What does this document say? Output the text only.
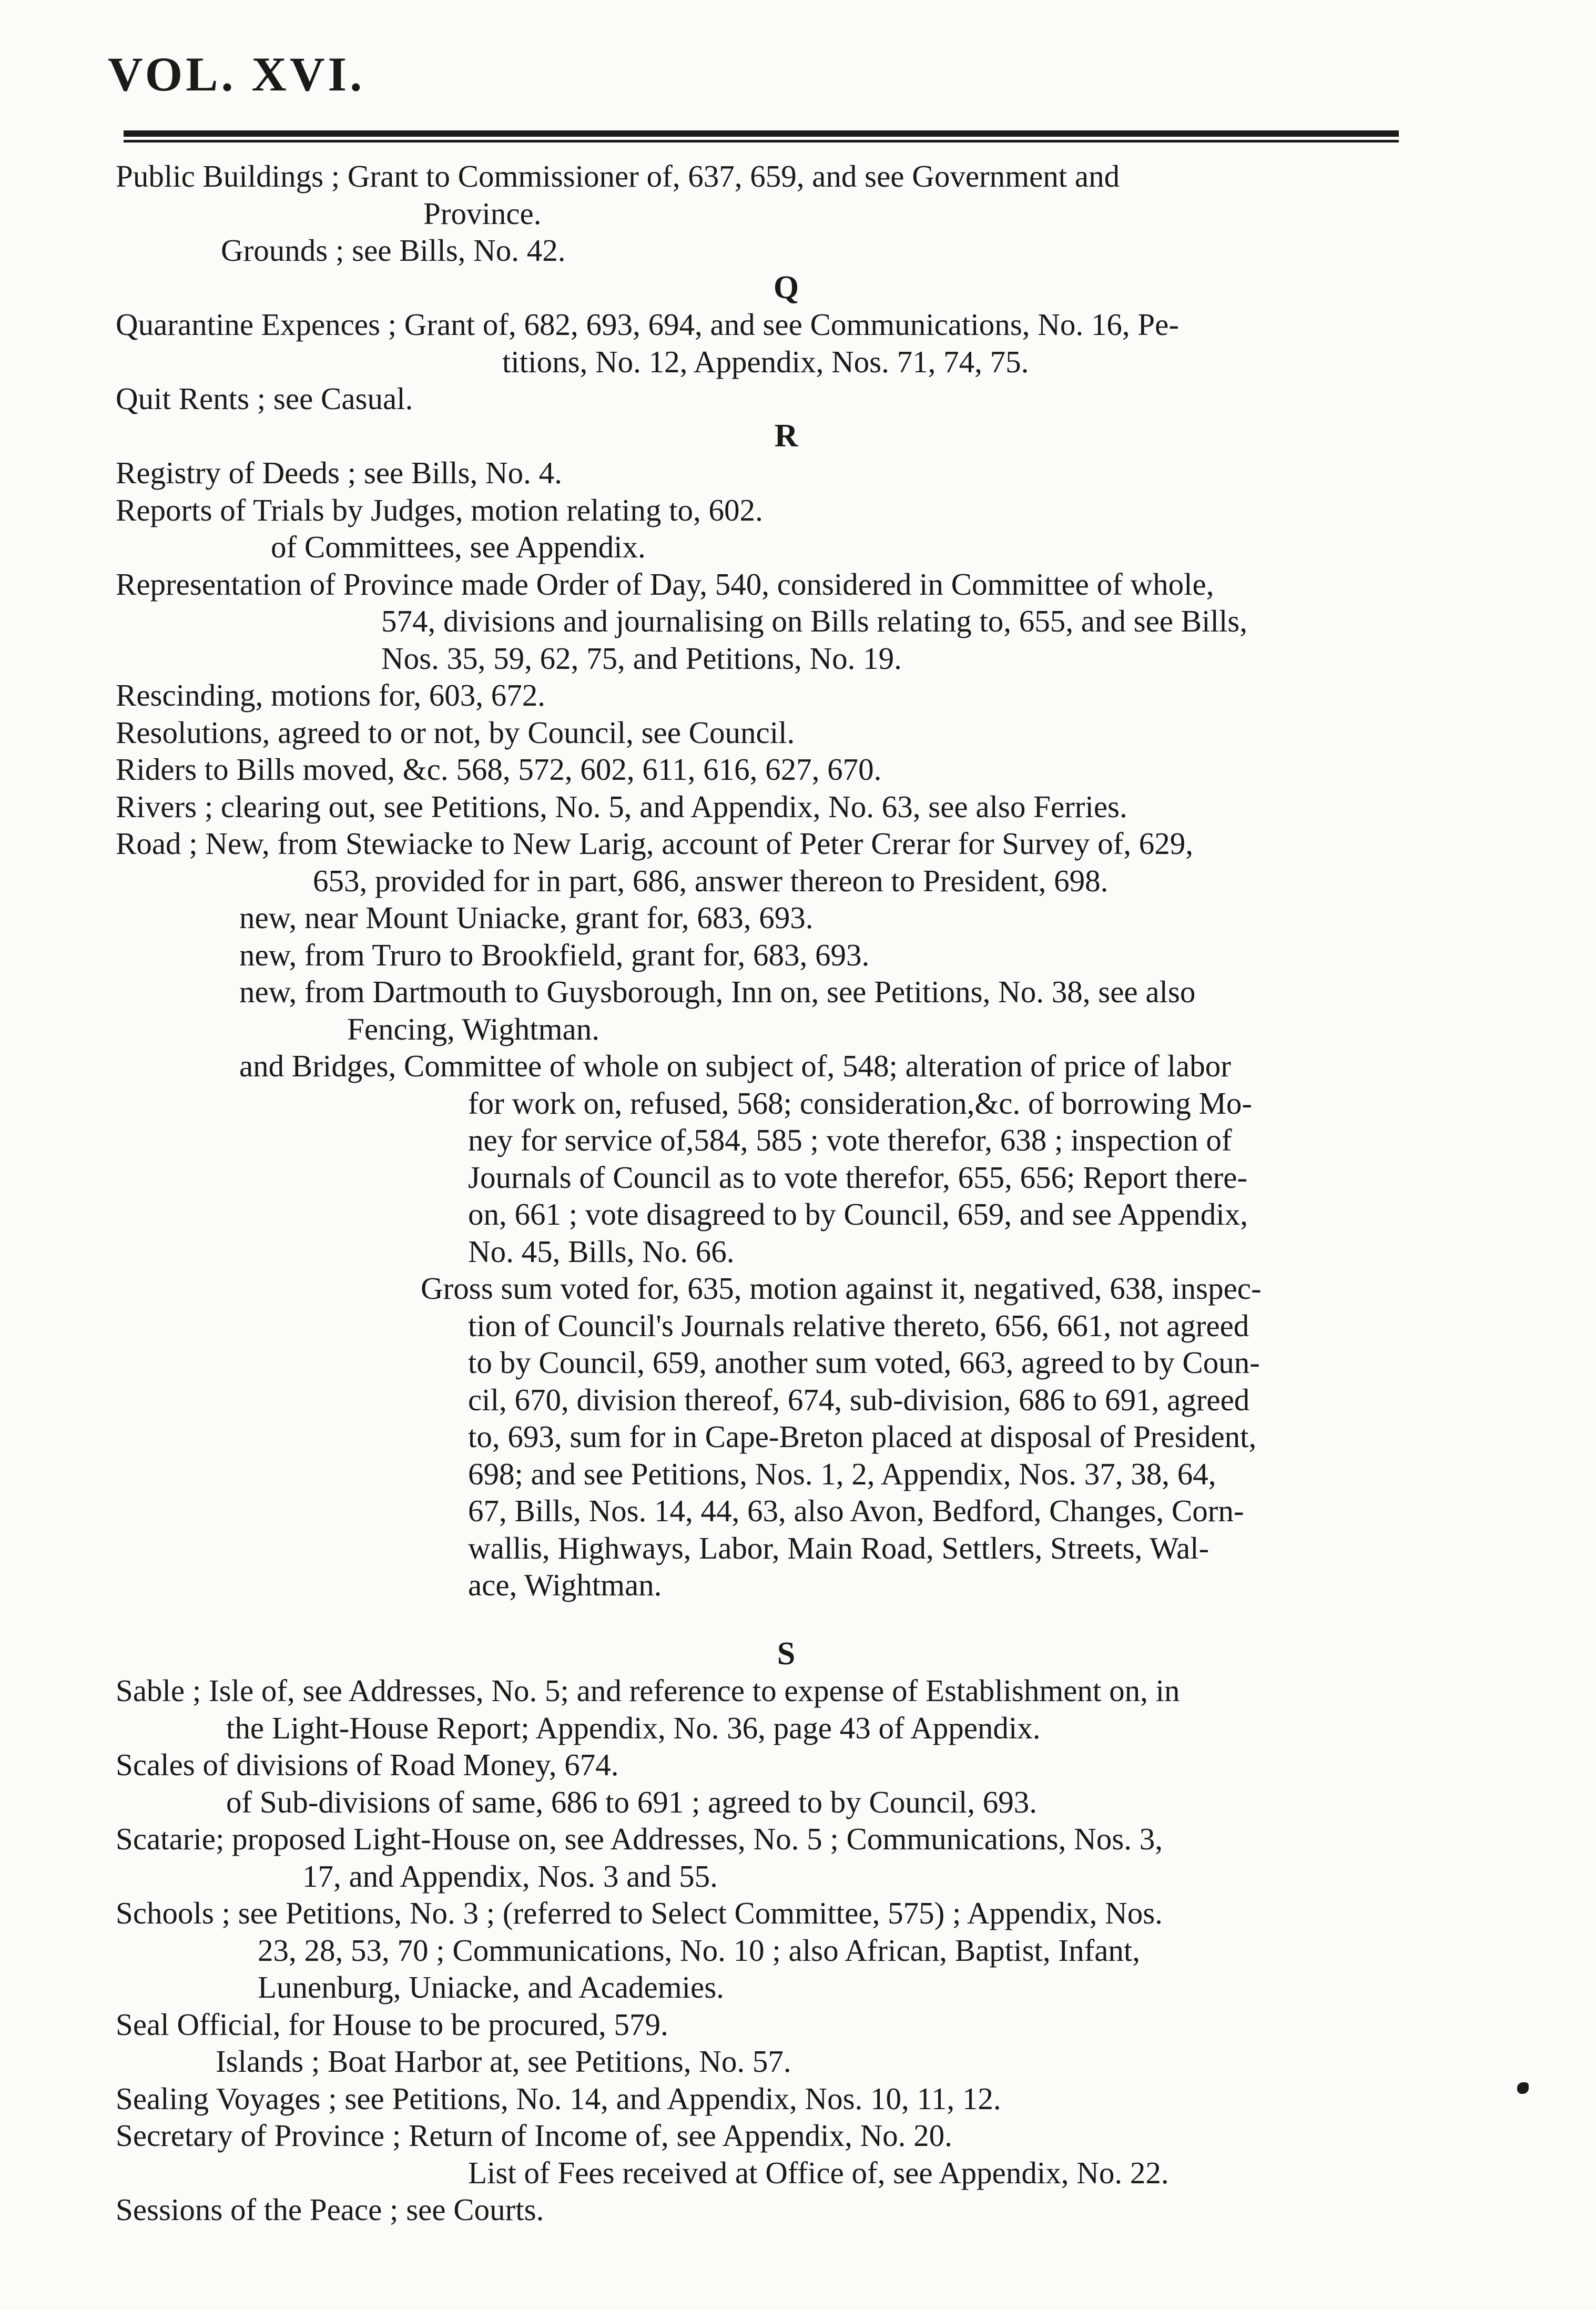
VOL. XVI.
Public Buildings ; Grant to Commissioner of, 637, 659, and see Government and
Province.
Grounds ; see Bills, No. 42.
Q
Quarantine Expences ; Grant of, 682, 693, 694, and see Communications, No. 16, Pe-
titions, No. 12, Appendix, Nos. 71, 74, 75.
Quit Rents ; see Casual.
R
Registry of Deeds ; see Bills, No. 4.
Reports of Trials by Judges, motion relating to, 602.
of Committees, see Appendix.
Representation of Province made Order of Day, 540, considered in Committee of whole,
574, divisions and journalising on Bills relating to, 655, and see Bills,
Nos. 35, 59, 62, 75, and Petitions, No. 19.
Rescinding, motions for, 603, 672.
Resolutions, agreed to or not, by Council, see Council.
Riders to Bills moved, &c. 568, 572, 602, 611, 616, 627, 670.
Rivers ; clearing out, see Petitions, No. 5, and Appendix, No. 63, see also Ferries.
Road ; New, from Stewiacke to New Larig, account of Peter Crerar for Survey of, 629,
653, provided for in part, 686, answer thereon to President, 698.
new, near Mount Uniacke, grant for, 683, 693.
new, from Truro to Brookfield, grant for, 683, 693.
new, from Dartmouth to Guysborough, Inn on, see Petitions, No. 38, see also
Fencing, Wightman.
and Bridges, Committee of whole on subject of, 548; alteration of price of labor
for work on, refused, 568; consideration,&c. of borrowing Mo-
ney for service of,584, 585 ; vote therefor, 638 ; inspection of
Journals of Council as to vote therefor, 655, 656; Report there-
on, 661 ; vote disagreed to by Council, 659, and see Appendix,
No. 45, Bills, No. 66.
Gross sum voted for, 635, motion against it, negatived, 638, inspec-
tion of Council's Journals relative thereto, 656, 661, not agreed
to by Council, 659, another sum voted, 663, agreed to by Coun-
cil, 670, division thereof, 674, sub-division, 686 to 691, agreed
to, 693, sum for in Cape-Breton placed at disposal of President,
698; and see Petitions, Nos. 1, 2, Appendix, Nos. 37, 38, 64,
67, Bills, Nos. 14, 44, 63, also Avon, Bedford, Changes, Corn-
wallis, Highways, Labor, Main Road, Settlers, Streets, Wal-
ace, Wightman.
S
Sable ; Isle of, see Addresses, No. 5; and reference to expense of Establishment on, in
the Light-House Report; Appendix, No. 36, page 43 of Appendix.
Scales of divisions of Road Money, 674.
of Sub-divisions of same, 686 to 691 ; agreed to by Council, 693.
Scatarie; proposed Light-House on, see Addresses, No. 5 ; Communications, Nos. 3,
17, and Appendix, Nos. 3 and 55.
Schools ; see Petitions, No. 3 ; (referred to Select Committee, 575) ; Appendix, Nos.
23, 28, 53, 70 ; Communications, No. 10 ; also African, Baptist, Infant,
Lunenburg, Uniacke, and Academies.
Seal Official, for House to be procured, 579.
Islands ; Boat Harbor at, see Petitions, No. 57.
Sealing Voyages ; see Petitions, No. 14, and Appendix, Nos. 10, 11, 12.
Secretary of Province ; Return of Income of, see Appendix, No. 20.
List of Fees received at Office of, see Appendix, No. 22.
Sessions of the Peace ; see Courts.
